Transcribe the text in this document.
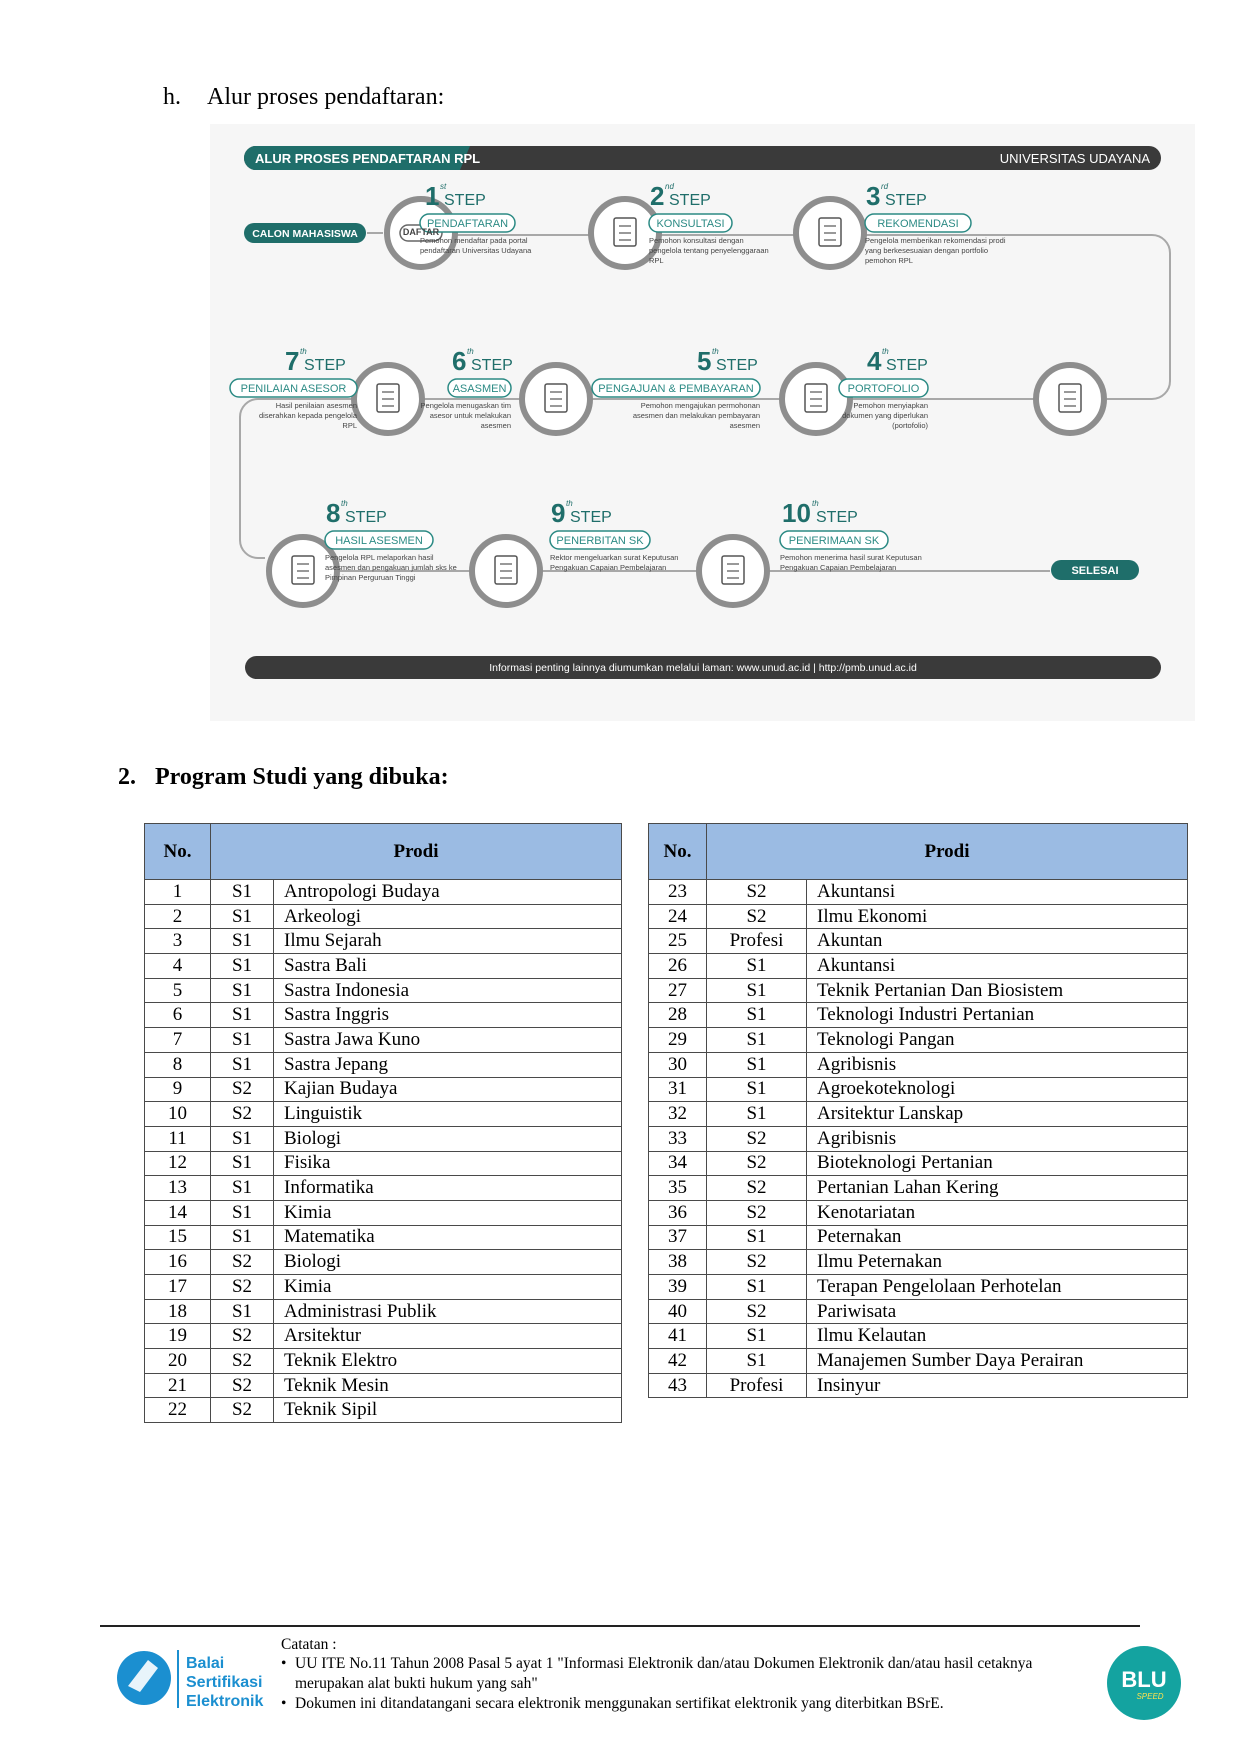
h. Alur proses pendaftaran:
ALUR PROSES PENDAFTARAN RPL	UNIVERSITAS UDAYANA
CALON MAHASISWA
1 st
STEP
PENDAFTARAN
Pemohon mendaftar pada portal
pendaftaran Universitas Udayana
2 nd
STEP
KONSULTASI
Pemohon konsultasi dengan
pengelola tentang penyelenggaraan
RPL
3 rd
STEP
REKOMENDASI
Pengelola memberikan rekomendasi prodi
yang berkesesuaian dengan portfolio
pemohon RPL
4 th
STEP
PORTOFOLIO
Pemohon menyiapkan
dokumen yang diperlukan
(portofolio)
5 th
STEP
PENGAJUAN & PEMBAYARAN
Pemohon mengajukan permohonan
asesmen dan melakukan pembayaran
asesmen
6 th
STEP
ASASMEN
Pengelola menugaskan tim
asesor untuk melakukan
asesmen
7 th
STEP
PENILAIAN ASESOR
Hasil penilaian asesmen
diserahkan kepada pengelola
RPL
8 th
STEP
HASIL ASESMEN
Pengelola RPL melaporkan hasil
asesmen dan pengakuan jumlah sks ke
Pimpinan Perguruan Tinggi
9 th
STEP
PENERBITAN SK
Rektor mengeluarkan surat Keputusan
Pengakuan Capaian Pembelajaran
10 th
STEP
PENERIMAAN SK
Pemohon menerima hasil surat Keputusan
Pengakuan Capaian Pembelajaran
DAFTAR
SELESAI
Informasi penting lainnya diumumkan melalui laman: www.unud.ac.id | http://pmb.unud.ac.id
2. Program Studi yang dibuka:
No.	Prodi	
1	S1	Antropologi Budaya
2	S1	Arkeologi
3	S1	Ilmu Sejarah
4	S1	Sastra Bali
5	S1	Sastra Indonesia
6	S1	Sastra Inggris
7	S1	Sastra Jawa Kuno
8	S1	Sastra Jepang
9	S2	Kajian Budaya
10	S2	Linguistik
11	S1	Biologi
12	S1	Fisika
13	S1	Informatika
14	S1	Kimia
15	S1	Matematika
16	S2	Biologi
17	S2	Kimia
18	S1	Administrasi Publik
19	S2	Arsitektur
20	S2	Teknik Elektro
21	S2	Teknik Mesin
22	S2	Teknik Sipil
No.	Prodi	
23	S2	Akuntansi
24	S2	Ilmu Ekonomi
25	Profesi	Akuntan
26	S1	Akuntansi
27	S1	Teknik Pertanian Dan Biosistem
28	S1	Teknologi Industri Pertanian
29	S1	Teknologi Pangan
30	S1	Agribisnis
31	S1	Agroekoteknologi
32	S1	Arsitektur Lanskap
33	S2	Agribisnis
34	S2	Bioteknologi Pertanian
35	S2	Pertanian Lahan Kering
36	S2	Kenotariatan
37	S1	Peternakan
38	S2	Ilmu Peternakan
39	S1	Terapan Pengelolaan Perhotelan
40	S2	Pariwisata
41	S1	Ilmu Kelautan
42	S1	Manajemen Sumber Daya Perairan
43	Profesi	Insinyur
Balai
Sertifikasi
Elektronik
Catatan :
• UU ITE No.11 Tahun 2008 Pasal 5 ayat 1 "Informasi Elektronik dan/atau Dokumen Elektronik dan/atau hasil cetaknya merupakan alat bukti hukum yang sah"
• Dokumen ini ditandatangani secara elektronik menggunakan sertifikat elektronik yang diterbitkan BSrE.
BLU
SPEED
